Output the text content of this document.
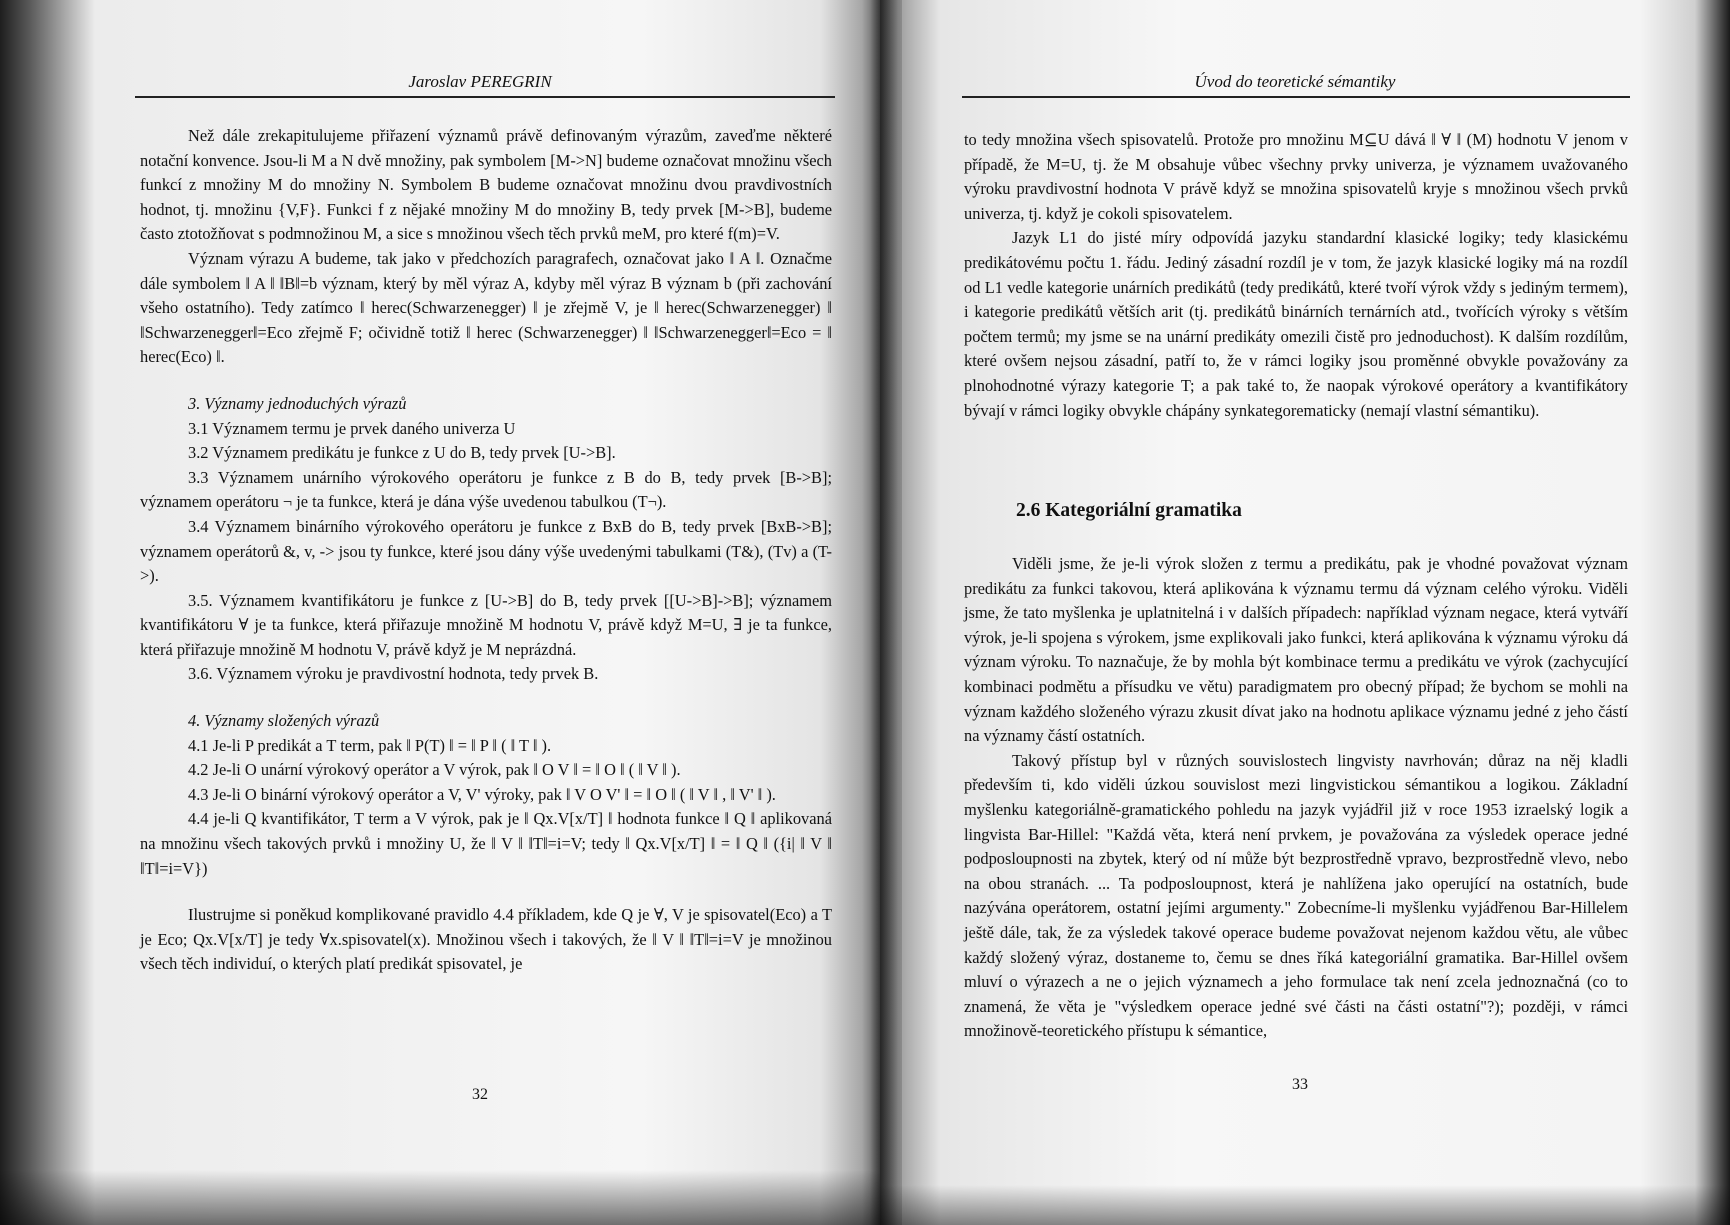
Jaroslav PEREGRIN

Než dále zrekapitulujeme přiřazení významů právě definovaným výrazům, zaveďme některé notační konvence. Jsou-li M a N dvě množiny, pak symbolem [M->N] budeme označovat množinu všech funkcí z množiny M do množiny N. Symbolem B budeme označovat množinu dvou pravdivostních hodnot, tj. množinu {V,F}. Funkci f z nějaké množiny M do množiny B, tedy prvek [M->B], budeme často ztotožňovat s podmnožinou M, a sice s množinou všech těch prvků meM, pro které f(m)=V.

Význam výrazu A budeme, tak jako v předchozích paragrafech, označovat jako ‖ A ‖. Označme dále symbolem ‖ A ‖ ‖B‖=b význam, který by měl výraz A, kdyby měl výraz B význam b (při zachování všeho ostatního). Tedy zatímco ‖ herec(Schwarzenegger) ‖ je zřejmě V, je ‖ herec(Schwarzenegger) ‖ ‖Schwarzenegger‖=Eco zřejmě F; očividně totiž ‖ herec (Schwarzenegger) ‖ ‖Schwarzenegger‖=Eco = ‖ herec(Eco) ‖.

3. Významy jednoduchých výrazů

3.1 Významem termu je prvek daného univerza U

3.2 Významem predikátu je funkce z U do B, tedy prvek [U->B].

3.3 Významem unárního výrokového operátoru je funkce z B do B, tedy prvek [B->B]; významem operátoru ¬ je ta funkce, která je dána výše uvedenou tabulkou (T¬).

3.4 Významem binárního výrokového operátoru je funkce z BxB do B, tedy prvek [BxB->B]; významem operátorů &, v, -> jsou ty funkce, které jsou dány výše uvedenými tabulkami (T&), (Tv) a (T->).

3.5. Významem kvantifikátoru je funkce z [U->B] do B, tedy prvek [[U->B]->B]; významem kvantifikátoru ∀ je ta funkce, která přiřazuje množině M hodnotu V, právě když M=U, ∃ je ta funkce, která přiřazuje množině M hodnotu V, právě když je M neprázdná.

3.6. Významem výroku je pravdivostní hodnota, tedy prvek B.

4. Významy složených výrazů

4.1 Je-li P predikát a T term, pak ‖ P(T) ‖ = ‖ P ‖ ( ‖ T ‖ ).

4.2 Je-li O unární výrokový operátor a V výrok, pak ‖ O V ‖ = ‖ O ‖ ( ‖ V ‖ ).

4.3 Je-li O binární výrokový operátor a V, V' výroky, pak ‖ V O V' ‖ = ‖ O ‖ ( ‖ V ‖ , ‖ V' ‖ ).

4.4 je-li Q kvantifikátor, T term a V výrok, pak je ‖ Qx.V[x/T] ‖ hodnota funkce ‖ Q ‖ aplikovaná na množinu všech takových prvků i množiny U, že ‖ V ‖ ‖T‖=i=V; tedy ‖ Qx.V[x/T] ‖ = ‖ Q ‖ ({i| ‖ V ‖ ‖T‖=i=V})

Ilustrujme si poněkud komplikované pravidlo 4.4 příkladem, kde Q je ∀, V je spisovatel(Eco) a T je Eco; Qx.V[x/T] je tedy ∀x.spisovatel(x). Množinou všech i takových, že ‖ V ‖ ‖T‖=i=V je množinou všech těch individuí, o kterých platí predikát spisovatel, je

32
Úvod do teoretické sémantiky

to tedy množina všech spisovatelů. Protože pro množinu M⊆U dává ‖ ∀ ‖ (M) hodnotu V jenom v případě, že M=U, tj. že M obsahuje vůbec všechny prvky univerza, je významem uvažovaného výroku pravdivostní hodnota V právě když se množina spisovatelů kryje s množinou všech prvků univerza, tj. když je cokoli spisovatelem.

Jazyk L1 do jisté míry odpovídá jazyku standardní klasické logiky; tedy klasickému predikátovému počtu 1. řádu. Jediný zásadní rozdíl je v tom, že jazyk klasické logiky má na rozdíl od L1 vedle kategorie unárních predikátů (tedy predikátů, které tvoří výrok vždy s jediným termem), i kategorie predikátů větších arit (tj. predikátů binárních ternárních atd., tvořících výroky s větším počtem termů; my jsme se na unární predikáty omezili čistě pro jednoduchost). K dalším rozdílům, které ovšem nejsou zásadní, patří to, že v rámci logiky jsou proměnné obvykle považovány za plnohodnotné výrazy kategorie T; a pak také to, že naopak výrokové operátory a kvantifikátory bývají v rámci logiky obvykle chápány synkategorematicky (nemají vlastní sémantiku).

2.6 Kategoriální gramatika

Viděli jsme, že je-li výrok složen z termu a predikátu, pak je vhodné považovat význam predikátu za funkci takovou, která aplikována k významu termu dá význam celého výroku. Viděli jsme, že tato myšlenka je uplatnitelná i v dalších případech: například význam negace, která vytváří výrok, je-li spojena s výrokem, jsme explikovali jako funkci, která aplikována k významu výroku dá význam výroku. To naznačuje, že by mohla být kombinace termu a predikátu ve výrok (zachycující kombinaci podmětu a přísudku ve větu) paradigmatem pro obecný případ; že bychom se mohli na význam každého složeného výrazu zkusit dívat jako na hodnotu aplikace významu jedné z jeho částí na významy částí ostatních.

Takový přístup byl v různých souvislostech lingvisty navrhován; důraz na něj kladli především ti, kdo viděli úzkou souvislost mezi lingvistickou sémantikou a logikou. Základní myšlenku kategoriálně-gramatického pohledu na jazyk vyjádřil již v roce 1953 izraelský logik a lingvista Bar-Hillel: "Každá věta, která není prvkem, je považována za výsledek operace jedné podposloupnosti na zbytek, který od ní může být bezprostředně vpravo, bezprostředně vlevo, nebo na obou stranách. ... Ta podposloupnost, která je nahlížena jako operující na ostatních, bude nazývána operátorem, ostatní jejími argumenty." Zobecníme-li myšlenku vyjádřenou Bar-Hillelem ještě dále, tak, že za výsledek takové operace budeme považovat nejenom každou větu, ale vůbec každý složený výraz, dostaneme to, čemu se dnes říká kategoriální gramatika. Bar-Hillel ovšem mluví o výrazech a ne o jejich významech a jeho formulace tak není zcela jednoznačná (co to znamená, že věta je "výsledkem operace jedné své části na části ostatní"?); později, v rámci množinově-teoretického přístupu k sémantice,

33
